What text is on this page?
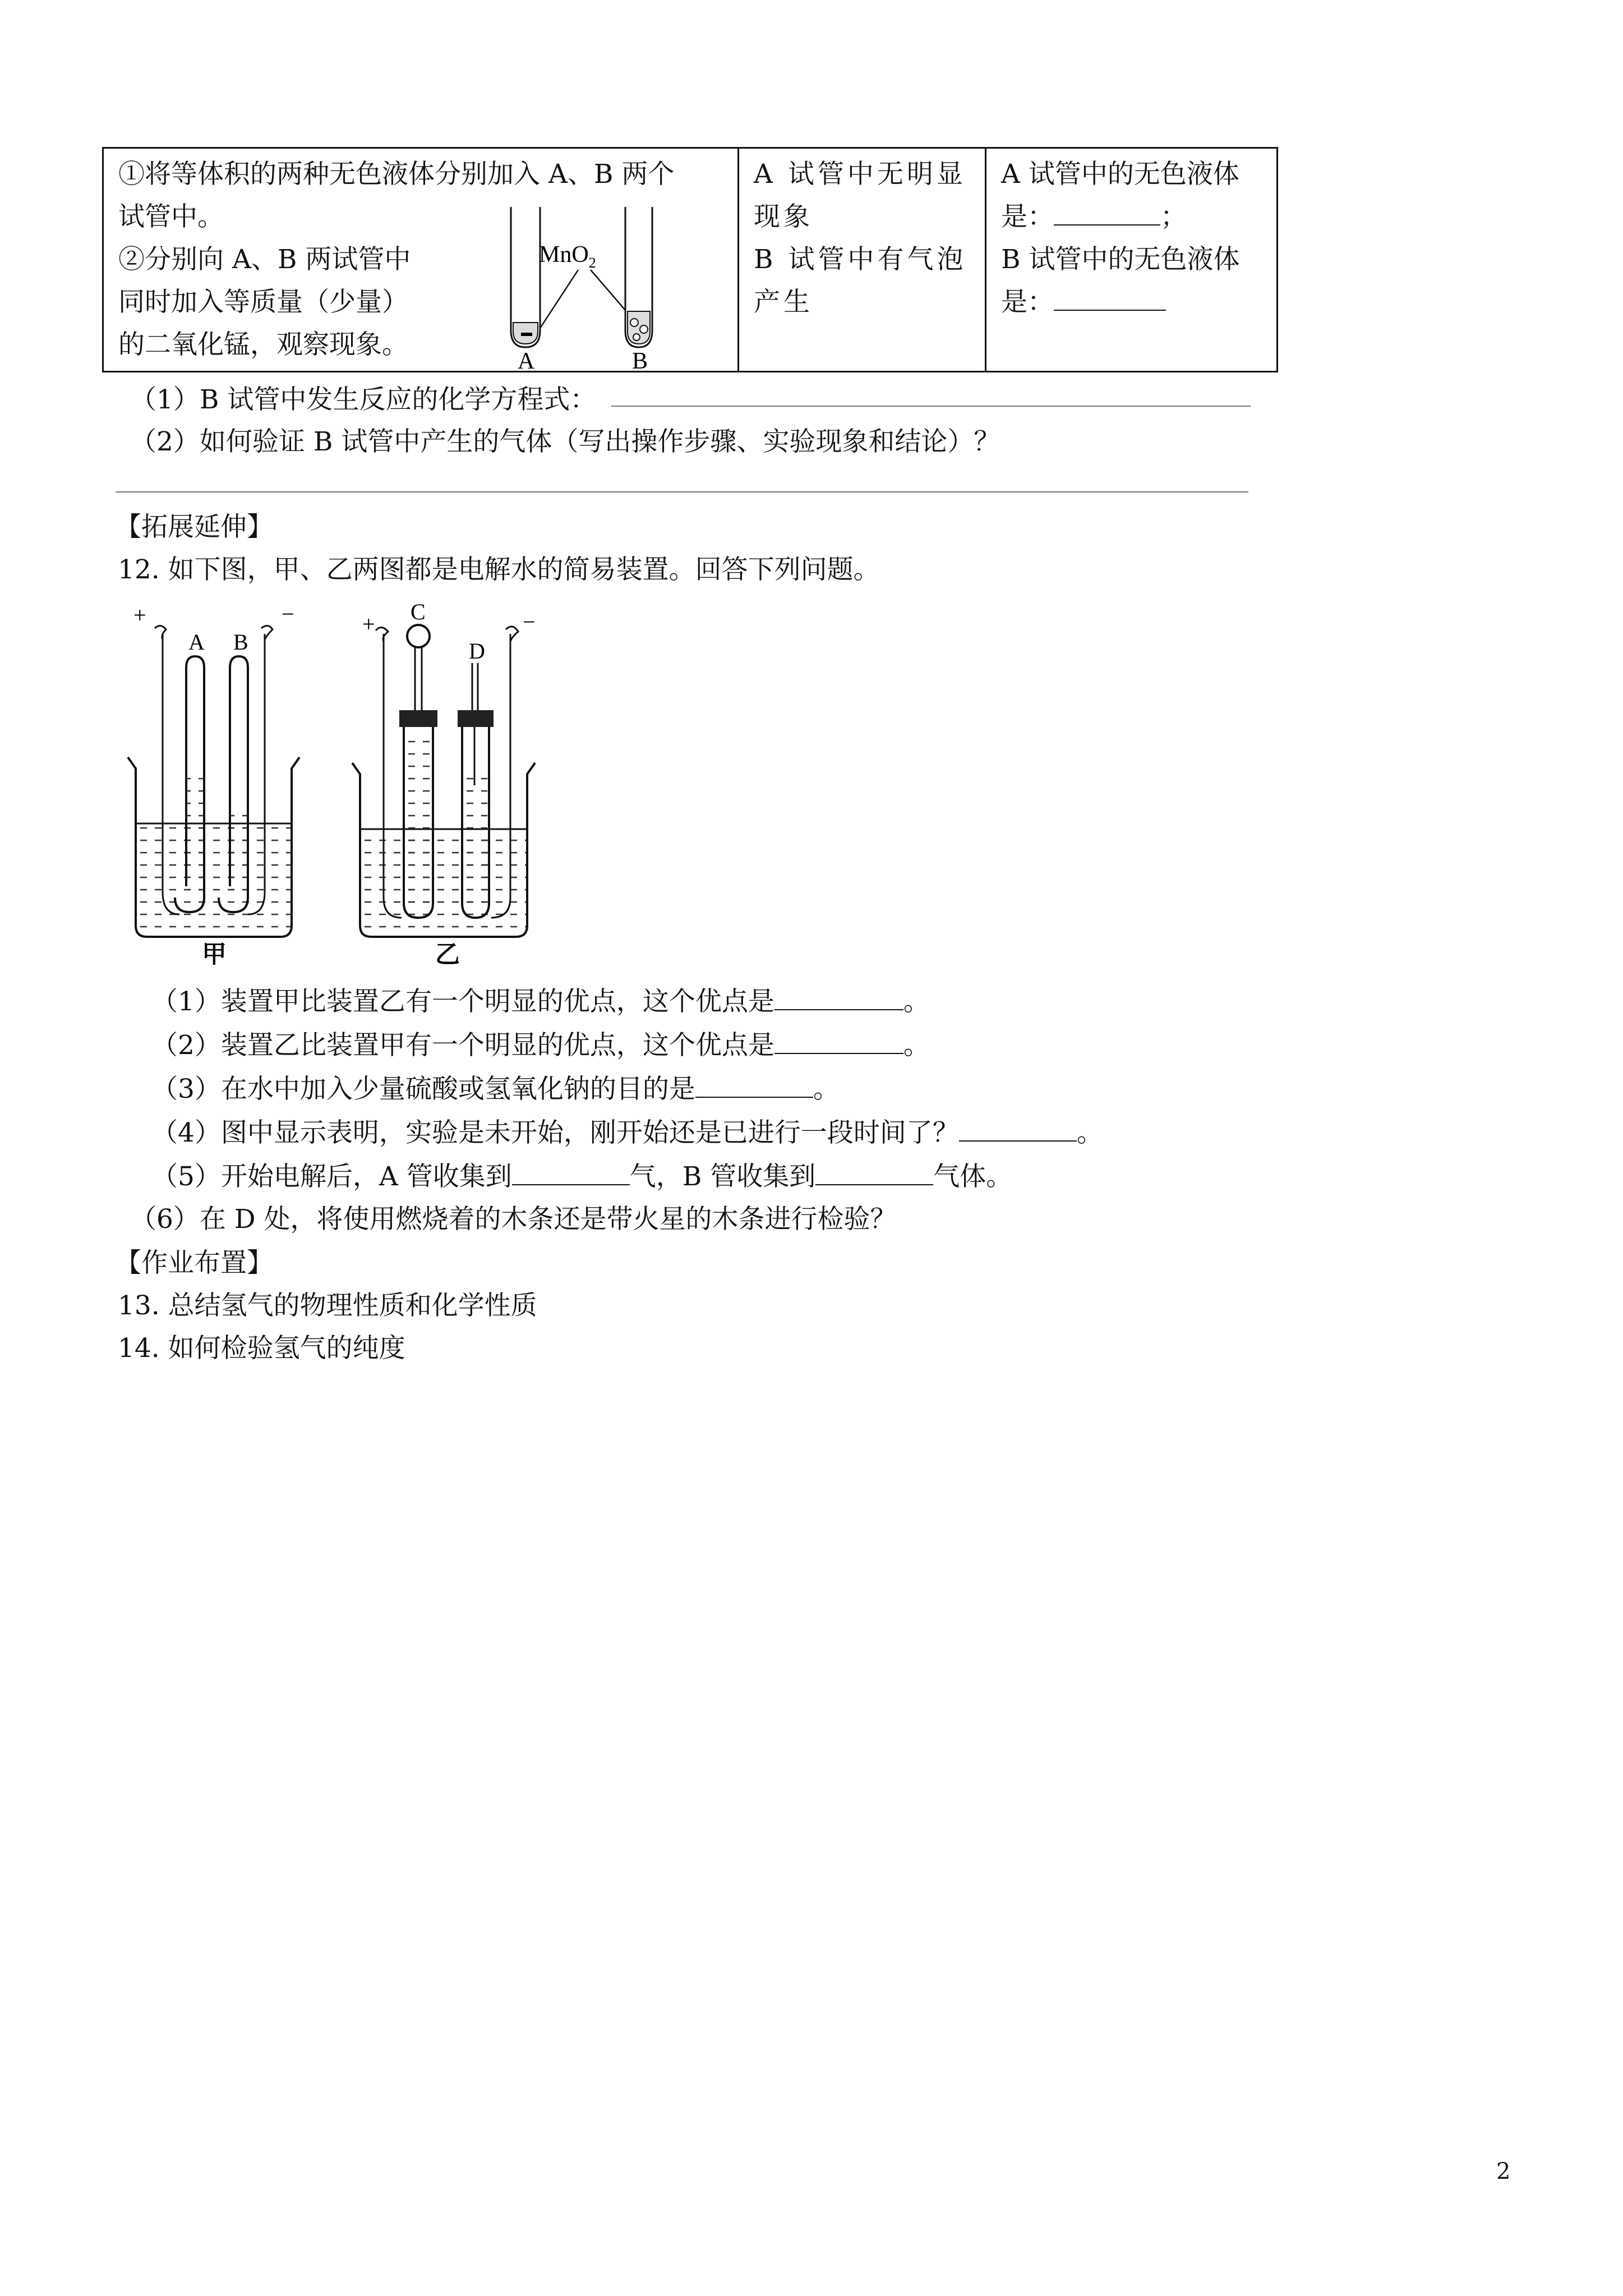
①将等体积的两种无色液体分别加入 A、B 两个
试管中。
②分别向 A、B 两试管中
同时加入等质量（少量）
的二氧化锰，观察现象。	▬
MnO$_2$
A	B

A 试管中无明显
现象
B 试管中有气泡
产生

A 试管中的无色液体
是：	；
B 试管中的无色液体
是：
（1）B 试管中发生反应的化学方程式：
（2）如何验证 B 试管中产生的气体（写出操作步骤、实验现象和结论）？
【拓展延伸】
12. 如下图，甲、乙两图都是电解水的简易装置。回答下列问题。
+	−
A B
甲
+	−
C
D
乙
（1）装置甲比装置乙有一个明显的优点，这个优点是	。
（2）装置乙比装置甲有一个明显的优点，这个优点是	。
（3）在水中加入少量硫酸或氢氧化钠的目的是	。
（4）图中显示表明，实验是未开始，刚开始还是已进行一段时间了？	。
（5）开始电解后，A 管收集到	气，B 管收集到	气体。
（6）在 D 处，将使用燃烧着的木条还是带火星的木条进行检验？
【作业布置】
13. 总结氢气的物理性质和化学性质
14. 如何检验氢气的纯度
2
